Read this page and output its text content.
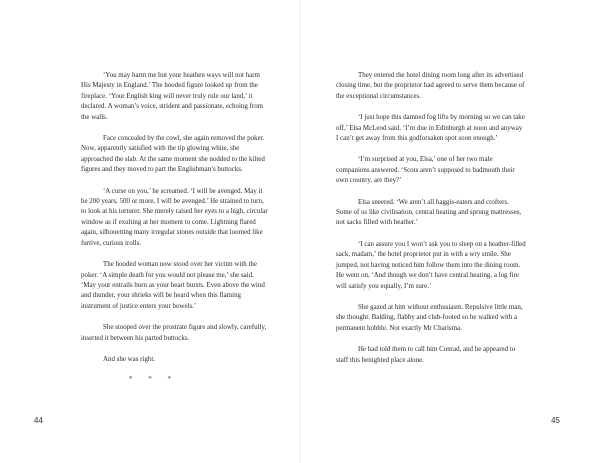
‘You may harm me but your heathen ways will not harm His Majesty in England.’ The hooded figure looked up from the fireplace. ‘Your English king will never truly rule our land,’ it declared. A woman’s voice, strident and passionate, echoing from the walls.

Face concealed by the cowl, she again removed the poker. Now, apparently satisfied with the tip glowing white, she approached the slab. At the same moment she nodded to the kilted figures and they moved to part the Englishman’s buttocks.

‘A curse on you,’ he screamed. ‘I will be avenged. May it be 200 years, 500 or more, I will be avenged.’ He strained to turn, to look at his torturer. She merely raised her eyes to a high, circular window as if exulting at her moment to come. Lightning flared again, silhouetting many irregular stones outside that loomed like furtive, curious trolls.

The hooded woman now stood over her victim with the poker. ‘A simple death for you would not please me,’ she said. ‘May your entrails burn as your heart bursts. Even above the wind and thunder, your shrieks will be heard when this flaming instrument of justice enters your bowels.’

She stooped over the prostrate figure and slowly, carefully, inserted it between his parted buttocks.

And she was right.

* * *
44

They entered the hotel dining room long after its advertised closing time, but the proprietor had agreed to serve them because of the exceptional circumstances.

‘I just hope this damned fog lifts by morning so we can take off,’ Elsa McLeod said. ‘I’m due in Edinburgh at noon and anyway I can’t get away from this godforsaken spot soon enough.’

‘I’m surprised at you, Elsa,’ one of her two male companions answered. ‘Scots aren’t supposed to badmouth their own country, are they?’

Elsa sneered. ‘We aren’t all haggis-eaters and crofters. Some of us like civilisation, central heating and sprung mattresses, not sacks filled with heather.’

‘I can assure you I won’t ask you to sleep on a heather-filled sack, madam,’ the hotel proprietor put in with a wry smile. She jumped, not having noticed him follow them into the dining room. He went on, ‘And though we don’t have central heating, a log fire will satisfy you equally, I’m sure.’

She gazed at him without enthusiasm. Repulsive little man, she thought. Balding, flabby and club-footed so he walked with a permanent hobble. Not exactly Mr Charisma.

He had told them to call him Conrad, and he appeared to staff this benighted place alone.

45
